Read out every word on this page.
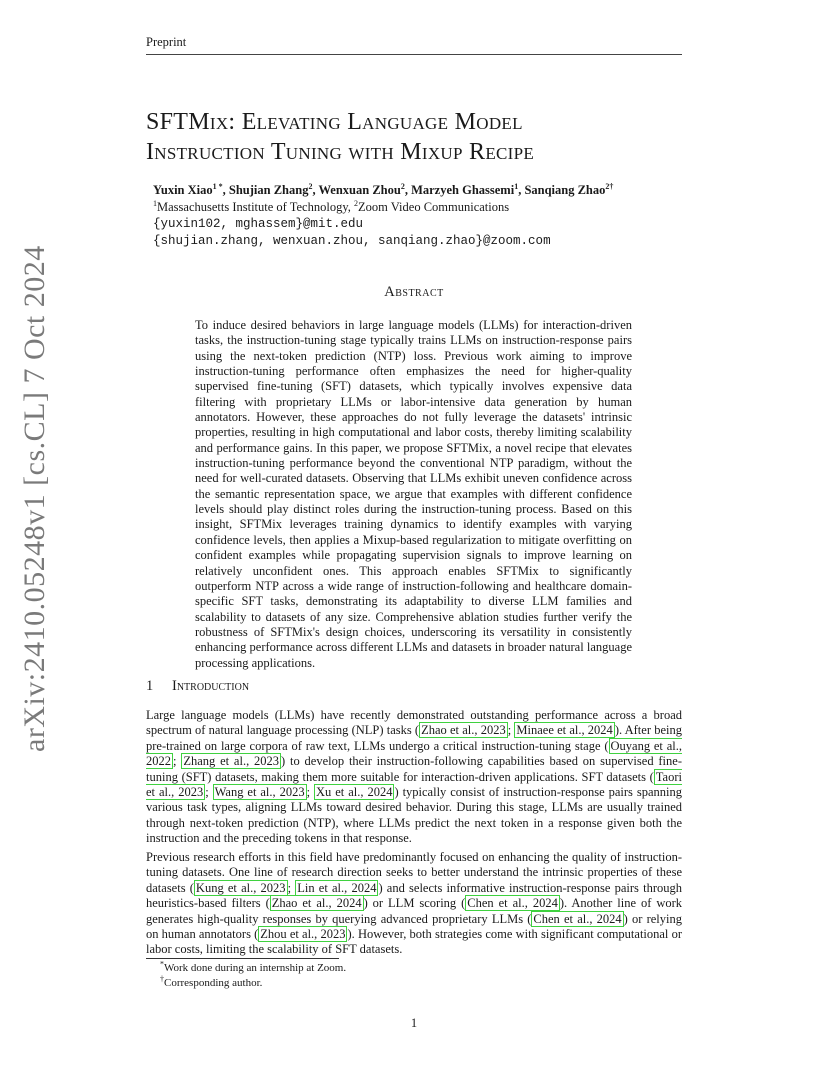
Preprint
arXiv:2410.05248v1 [cs.CL] 7 Oct 2024
SFTMix: Elevating Language Model
Instruction Tuning with Mixup Recipe
Yuxin Xiao$^{1 *}$, Shujian Zhang$^2$, Wenxuan Zhou$^2$, Marzyeh Ghassemi$^1$, Sanqiang Zhao$^{2\dagger}$
$^1$Massachusetts Institute of Technology, $^2$Zoom Video Communications
{yuxin102, mghassem}@mit.edu
{shujian.zhang, wenxuan.zhou, sanqiang.zhao}@zoom.com
Abstract
To induce desired behaviors in large language models (LLMs) for interaction-driven tasks, the instruction-tuning stage typically trains LLMs on instruction-response pairs using the next-token prediction (NTP) loss. Previous work aiming to improve instruction-tuning performance often emphasizes the need for higher-quality supervised fine-tuning (SFT) datasets, which typically involves expensive data filtering with proprietary LLMs or labor-intensive data generation by human annotators. However, these approaches do not fully leverage the datasets' intrinsic properties, resulting in high computational and labor costs, thereby limiting scalability and performance gains. In this paper, we propose SFTMix, a novel recipe that elevates instruction-tuning performance beyond the conventional NTP paradigm, without the need for well-curated datasets. Observing that LLMs exhibit uneven confidence across the semantic representation space, we argue that examples with different confidence levels should play distinct roles during the instruction-tuning process. Based on this insight, SFTMix leverages training dynamics to identify examples with varying confidence levels, then applies a Mixup-based regularization to mitigate overfitting on confident examples while propagating supervision signals to improve learning on relatively unconfident ones. This approach enables SFTMix to significantly outperform NTP across a wide range of instruction-following and healthcare domain-specific SFT tasks, demonstrating its adaptability to diverse LLM families and scalability to datasets of any size. Comprehensive ablation studies further verify the robustness of SFTMix's design choices, underscoring its versatility in consistently enhancing performance across different LLMs and datasets in broader natural language processing applications.
1 Introduction
Large language models (LLMs) have recently demonstrated outstanding performance across a broad spectrum of natural language processing (NLP) tasks ( Zhao et al., 2023 ; Minaee et al., 2024 ). After being pre-trained on large corpora of raw text, LLMs undergo a critical instruction-tuning stage ( Ouyang et al., 2022 ; Zhang et al., 2023 ) to develop their instruction-following capabilities based on supervised fine-tuning (SFT) datasets, making them more suitable for interaction-driven applications. SFT datasets ( Taori et al., 2023 ; Wang et al., 2023 ; Xu et al., 2024 ) typically consist of instruction-response pairs spanning various task types, aligning LLMs toward desired behavior. During this stage, LLMs are usually trained through next-token prediction (NTP), where LLMs predict the next token in a response given both the instruction and the preceding tokens in that response.
Previous research efforts in this field have predominantly focused on enhancing the quality of instruction-tuning datasets. One line of research direction seeks to better understand the intrinsic properties of these datasets ( Kung et al., 2023 ; Lin et al., 2024 ) and selects informative instruction-response pairs through heuristics-based filters ( Zhao et al., 2024 ) or LLM scoring ( Chen et al., 2024 ). Another line of work generates high-quality responses by querying advanced proprietary LLMs ( Chen et al., 2024 ) or relying on human annotators ( Zhou et al., 2023 ). However, both strategies come with significant computational or labor costs, limiting the scalability of SFT datasets.
*Work done during an internship at Zoom.
†Corresponding author.
1
